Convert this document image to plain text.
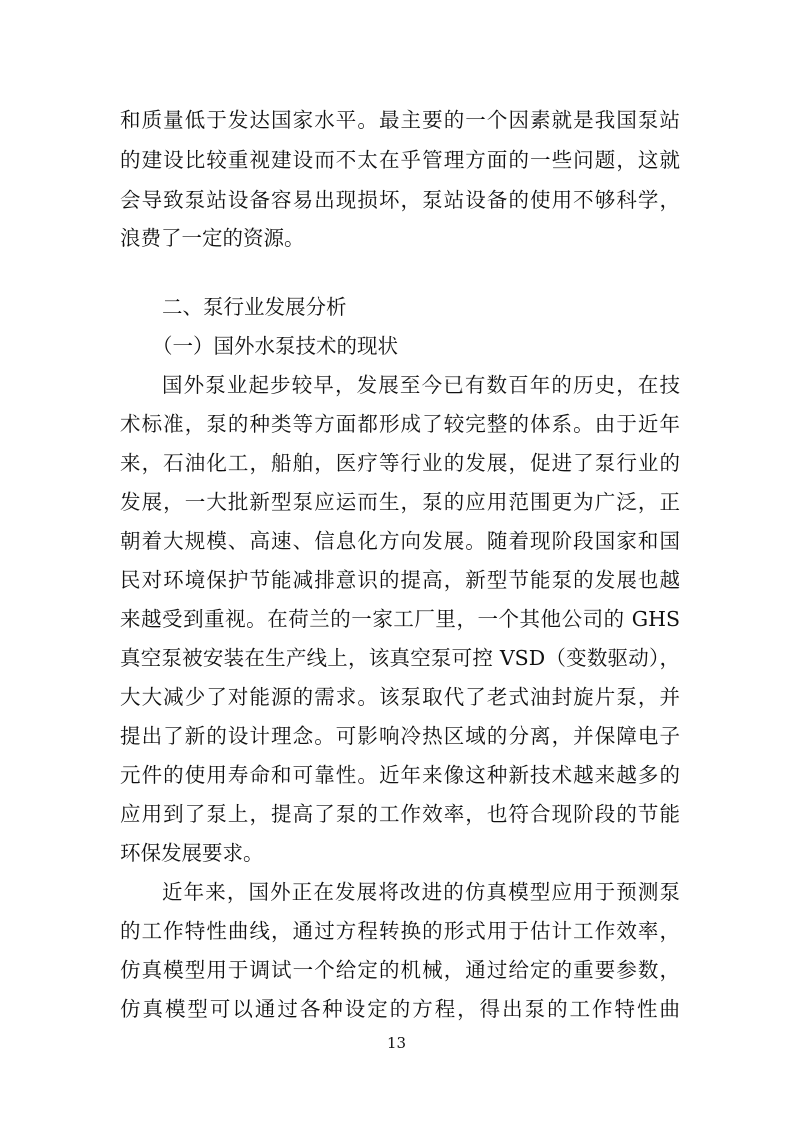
和质量低于发达国家水平。最主要的一个因素就是我国泵站
的建设比较重视建设而不太在乎管理方面的一些问题，这就
会导致泵站设备容易出现损坏，泵站设备的使用不够科学，
浪费了一定的资源。
二、泵行业发展分析
（一）国外水泵技术的现状
国外泵业起步较早，发展至今已有数百年的历史，在技
术标准，泵的种类等方面都形成了较完整的体系。由于近年
来，石油化工，船舶，医疗等行业的发展，促进了泵行业的
发展，一大批新型泵应运而生，泵的应用范围更为广泛，正
朝着大规模、高速、信息化方向发展。随着现阶段国家和国
民对环境保护节能减排意识的提高，新型节能泵的发展也越
来越受到重视。在荷兰的一家工厂里，一个其他公司的 GHS
真空泵被安装在生产线上，该真空泵可控 VSD（变数驱动），
大大减少了对能源的需求。该泵取代了老式油封旋片泵，并
提出了新的设计理念。可影响冷热区域的分离，并保障电子
元件的使用寿命和可靠性。近年来像这种新技术越来越多的
应用到了泵上，提高了泵的工作效率，也符合现阶段的节能
环保发展要求。
近年来，国外正在发展将改进的仿真模型应用于预测泵
的工作特性曲线，通过方程转换的形式用于估计工作效率，
仿真模型用于调试一个给定的机械，通过给定的重要参数，
仿真模型可以通过各种设定的方程，得出泵的工作特性曲
13
